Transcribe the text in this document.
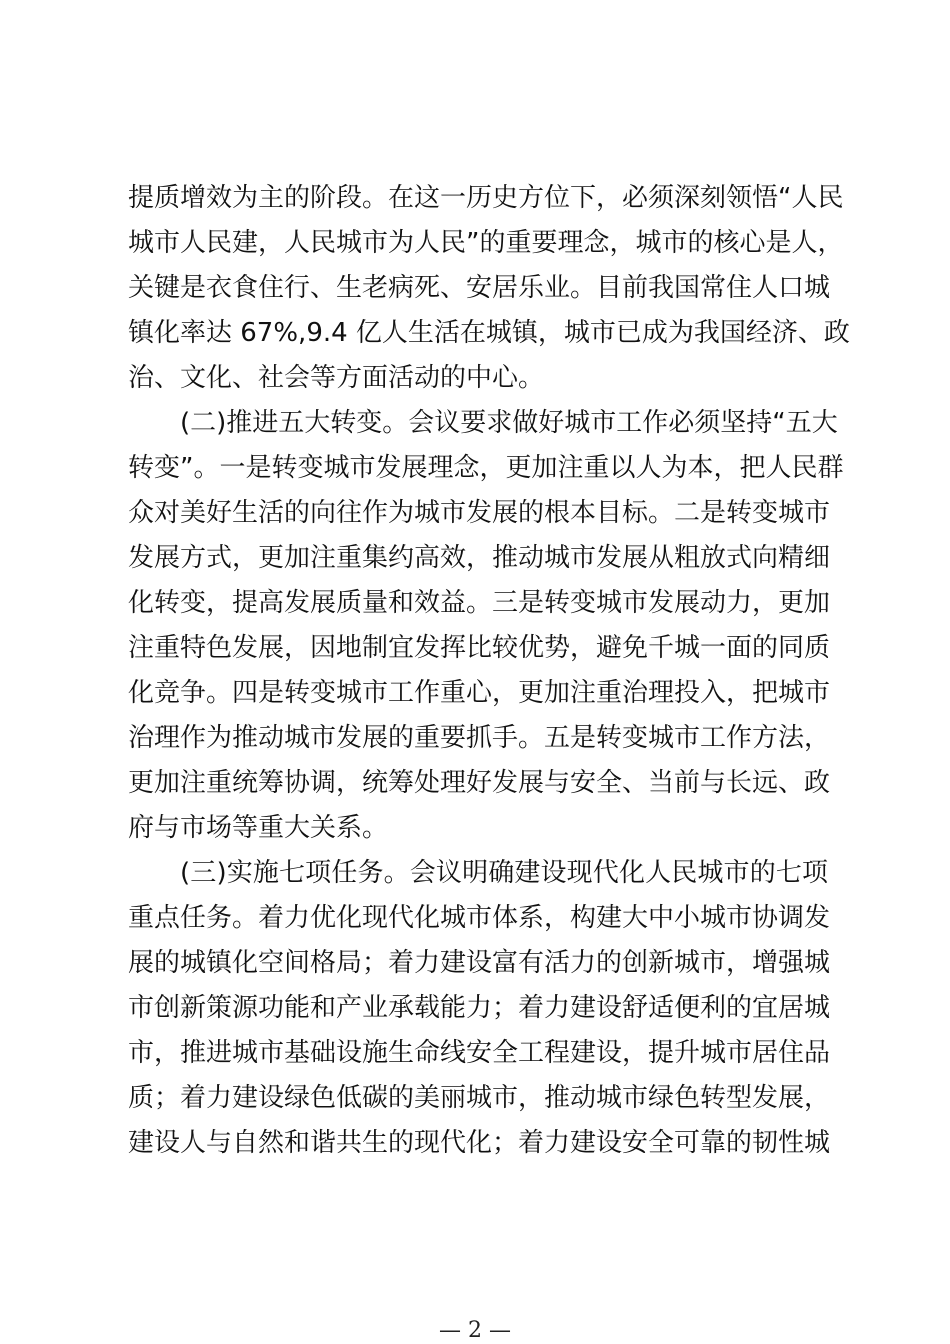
提质增效为主的阶段。在这一历史方位下，必须深刻领悟“人民
城市人民建，人民城市为人民”的重要理念，城市的核心是人，
关键是衣食住行、生老病死、安居乐业。目前我国常住人口城
镇化率达 67%,9.4 亿人生活在城镇，城市已成为我国经济、政
治、文化、社会等方面活动的中心。
(二)推进五大转变。会议要求做好城市工作必须坚持“五大
转变”。一是转变城市发展理念，更加注重以人为本，把人民群
众对美好生活的向往作为城市发展的根本目标。二是转变城市
发展方式，更加注重集约高效，推动城市发展从粗放式向精细
化转变，提高发展质量和效益。三是转变城市发展动力，更加
注重特色发展，因地制宜发挥比较优势，避免千城一面的同质
化竞争。四是转变城市工作重心，更加注重治理投入，把城市
治理作为推动城市发展的重要抓手。五是转变城市工作方法，
更加注重统筹协调，统筹处理好发展与安全、当前与长远、政
府与市场等重大关系。
(三)实施七项任务。会议明确建设现代化人民城市的七项
重点任务。着力优化现代化城市体系，构建大中小城市协调发
展的城镇化空间格局；着力建设富有活力的创新城市，增强城
市创新策源功能和产业承载能力；着力建设舒适便利的宜居城
市，推进城市基础设施生命线安全工程建设，提升城市居住品
质；着力建设绿色低碳的美丽城市，推动城市绿色转型发展，
建设人与自然和谐共生的现代化；着力建设安全可靠的韧性城
— 2 —
